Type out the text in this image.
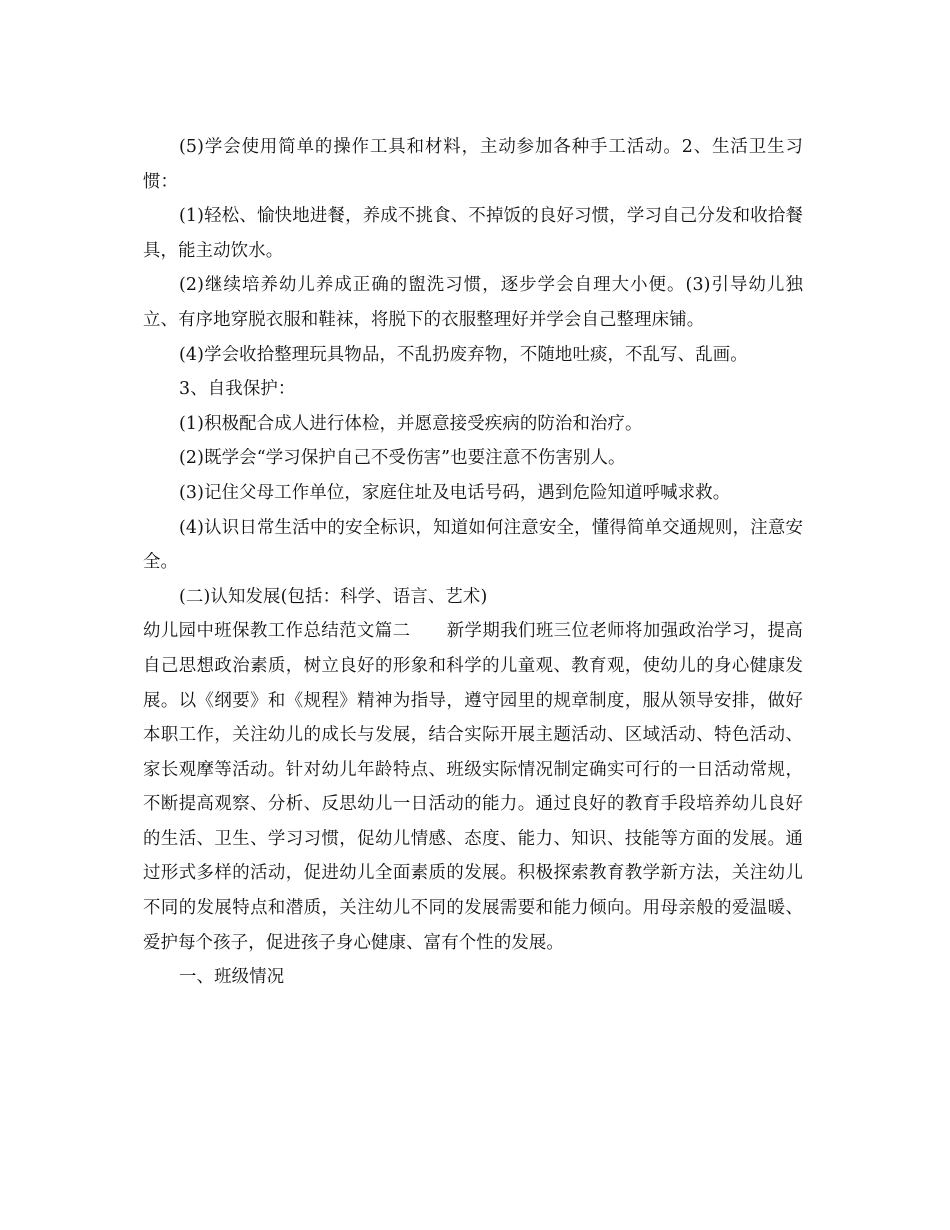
(5)学会使用简单的操作工具和材料，主动参加各种手工活动。2、生活卫生习惯：

(1)轻松、愉快地进餐，养成不挑食、不掉饭的良好习惯，学习自己分发和收拾餐具，能主动饮水。

(2)继续培养幼儿养成正确的盥洗习惯，逐步学会自理大小便。(3)引导幼儿独立、有序地穿脱衣服和鞋袜，将脱下的衣服整理好并学会自己整理床铺。

(4)学会收拾整理玩具物品，不乱扔废弃物，不随地吐痰，不乱写、乱画。

3、自我保护：

(1)积极配合成人进行体检，并愿意接受疾病的防治和治疗。

(2)既学会“学习保护自己不受伤害”也要注意不伤害别人。

(3)记住父母工作单位，家庭住址及电话号码，遇到危险知道呼喊求救。

(4)认识日常生活中的安全标识，知道如何注意安全，懂得简单交通规则，注意安全。

(二)认知发展(包括：科学、语言、艺术)

幼儿园中班保教工作总结范文篇二 新学期我们班三位老师将加强政治学习，提高自己思想政治素质，树立良好的形象和科学的儿童观、教育观，使幼儿的身心健康发展。以《纲要》和《规程》精神为指导，遵守园里的规章制度，服从领导安排，做好本职工作，关注幼儿的成长与发展，结合实际开展主题活动、区域活动、特色活动、家长观摩等活动。针对幼儿年龄特点、班级实际情况制定确实可行的一日活动常规，不断提高观察、分析、反思幼儿一日活动的能力。通过良好的教育手段培养幼儿良好的生活、卫生、学习习惯，促幼儿情感、态度、能力、知识、技能等方面的发展。通过形式多样的活动，促进幼儿全面素质的发展。积极探索教育教学新方法，关注幼儿不同的发展特点和潜质，关注幼儿不同的发展需要和能力倾向。用母亲般的爱温暖、爱护每个孩子，促进孩子身心健康、富有个性的发展。

一、班级情况
